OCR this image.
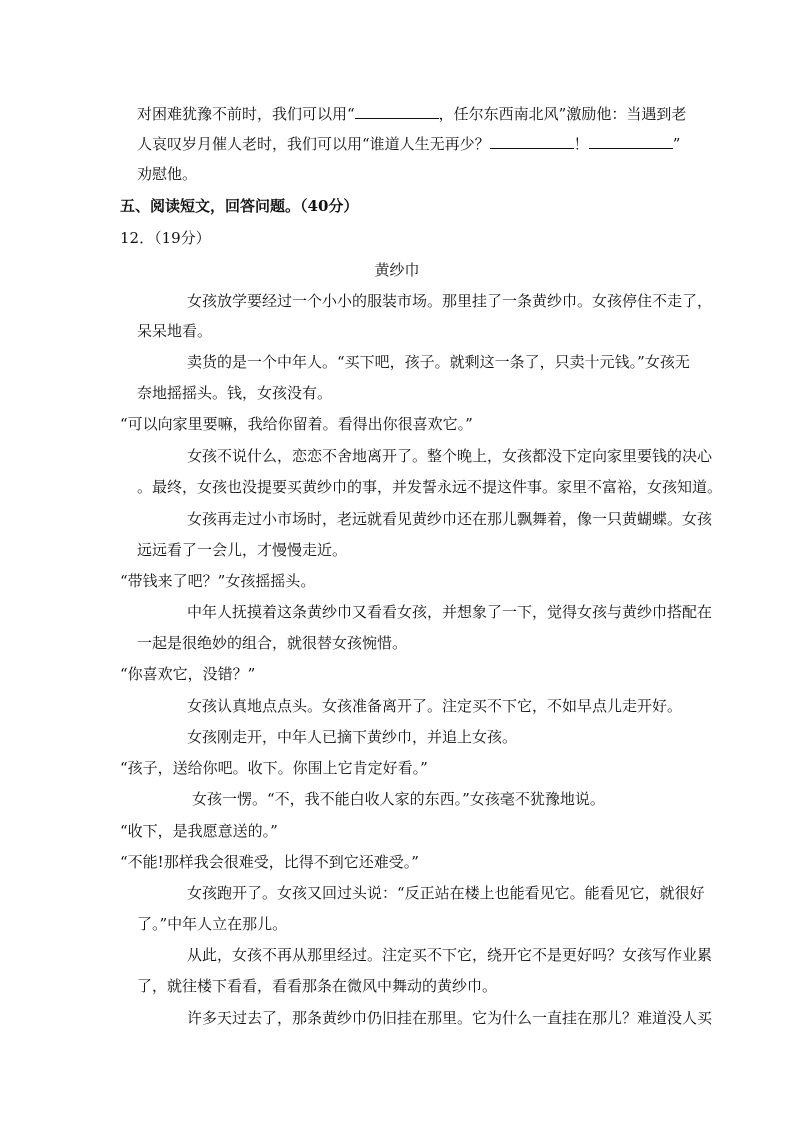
对困难犹豫不前时，我们可以用“	，任尔东西南北风”激励他：当遇到老
人哀叹岁月催人老时，我们可以用“谁道人生无再少？	！	”
劝慰他。
五、阅读短文，回答问题。（40分）
12．（19分）
黄纱巾
女孩放学要经过一个小小的服装市场。那里挂了一条黄纱巾。女孩停住不走了，
呆呆地看。
卖货的是一个中年人。“买下吧，孩子。就剩这一条了，只卖十元钱。”女孩无
奈地摇摇头。钱，女孩没有。
“可以向家里要嘛，我给你留着。看得出你很喜欢它。”
女孩不说什么，恋恋不舍地离开了。整个晚上，女孩都没下定向家里要钱的决心
。最终，女孩也没提要买黄纱巾的事，并发誓永远不提这件事。家里不富裕，女孩知道。
女孩再走过小市场时，老远就看见黄纱巾还在那儿飘舞着，像一只黄蝴蝶。女孩
远远看了一会儿，才慢慢走近。
“带钱来了吧？”女孩摇摇头。
中年人抚摸着这条黄纱巾又看看女孩，并想象了一下，觉得女孩与黄纱巾搭配在
一起是很绝妙的组合，就很替女孩惋惜。
“你喜欢它，没错？”
女孩认真地点点头。女孩准备离开了。注定买不下它，不如早点儿走开好。
女孩刚走开，中年人已摘下黄纱巾，并追上女孩。
“孩子，送给你吧。收下。你围上它肯定好看。”
女孩一愣。“不，我不能白收人家的东西。”女孩毫不犹豫地说。
“收下，是我愿意送的。”
“不能!那样我会很难受，比得不到它还难受。”
女孩跑开了。女孩又回过头说：“反正站在楼上也能看见它。能看见它，就很好
了。”中年人立在那儿。
从此，女孩不再从那里经过。注定买不下它，绕开它不是更好吗？女孩写作业累
了，就往楼下看看，看看那条在微风中舞动的黄纱巾。
许多天过去了，那条黄纱巾仍旧挂在那里。它为什么一直挂在那儿？难道没人买
